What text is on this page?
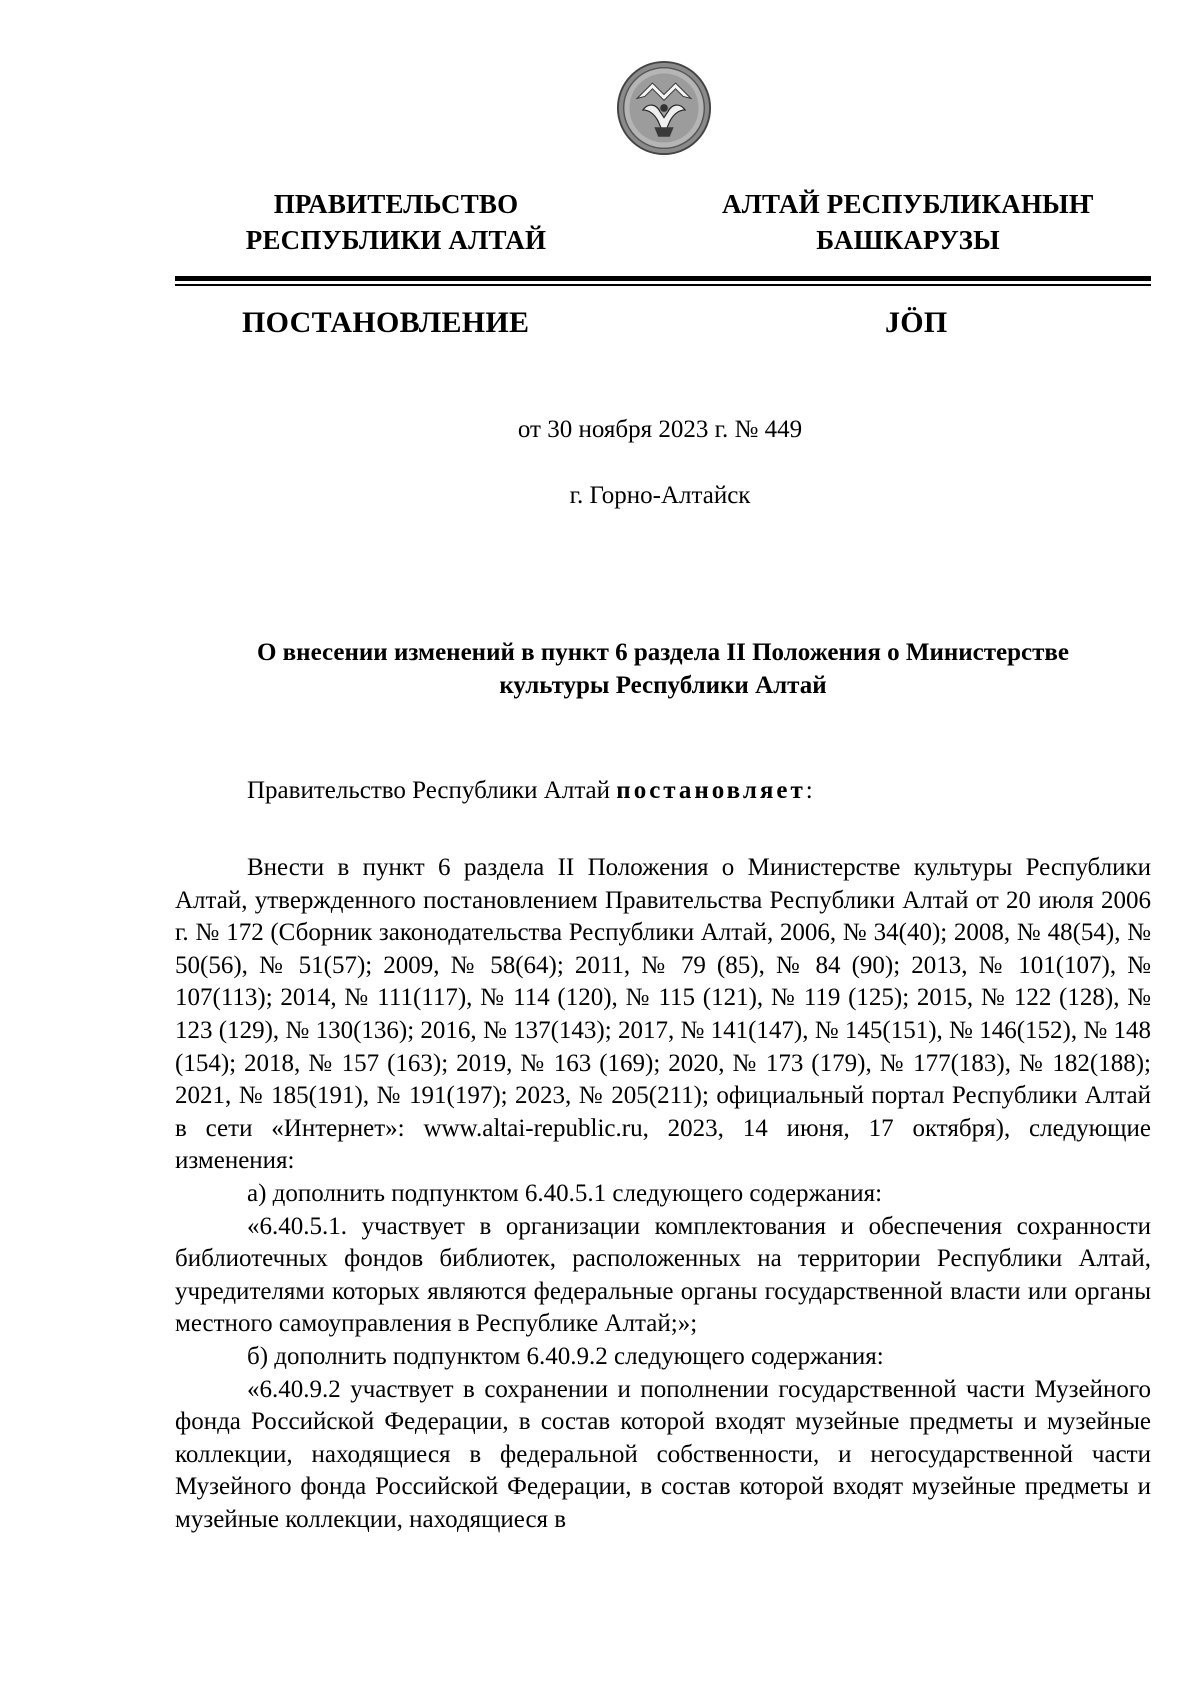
ПРАВИТЕЛЬСТВО
РЕСПУБЛИКИ АЛТАЙ
АЛТАЙ РЕСПУБЛИКАНЫҤ
БАШКАРУЗЫ
ПОСТАНОВЛЕНИЕ	JӦП
от 30 ноября 2023 г. № 449
г. Горно-Алтайск
О внесении изменений в пункт 6 раздела II Положения о Министерстве
культуры Республики Алтай

Правительство Республики Алтай постановляет:

Внести в пункт 6 раздела II Положения о Министерстве культуры Республики Алтай, утвержденного постановлением Правительства Республики Алтай от 20 июля 2006 г. № 172 (Сборник законодательства Республики Алтай, 2006, № 34(40); 2008, № 48(54), № 50(56), № 51(57); 2009, № 58(64); 2011, № 79 (85), № 84 (90); 2013, № 101(107), № 107(113); 2014, № 111(117), № 114 (120), № 115 (121), № 119 (125); 2015, № 122 (128), № 123 (129), № 130(136); 2016, № 137(143); 2017, № 141(147), № 145(151), № 146(152), № 148 (154); 2018, № 157 (163); 2019, № 163 (169); 2020, № 173 (179), № 177(183), № 182(188); 2021, № 185(191), № 191(197); 2023, № 205(211); официальный портал Республики Алтай в сети «Интернет»: www.altai-republic.ru, 2023, 14 июня, 17 октября), следующие изменения:

а) дополнить подпунктом 6.40.5.1 следующего содержания:

«6.40.5.1. участвует в организации комплектования и обеспечения сохранности библиотечных фондов библиотек, расположенных на территории Республики Алтай, учредителями которых являются федеральные органы государственной власти или органы местного самоуправления в Республике Алтай;»;

б) дополнить подпунктом 6.40.9.2 следующего содержания:

«6.40.9.2 участвует в сохранении и пополнении государственной части Музейного фонда Российской Федерации, в состав которой входят музейные предметы и музейные коллекции, находящиеся в федеральной собственности, и негосударственной части Музейного фонда Российской Федерации, в состав которой входят музейные предметы и музейные коллекции, находящиеся в
